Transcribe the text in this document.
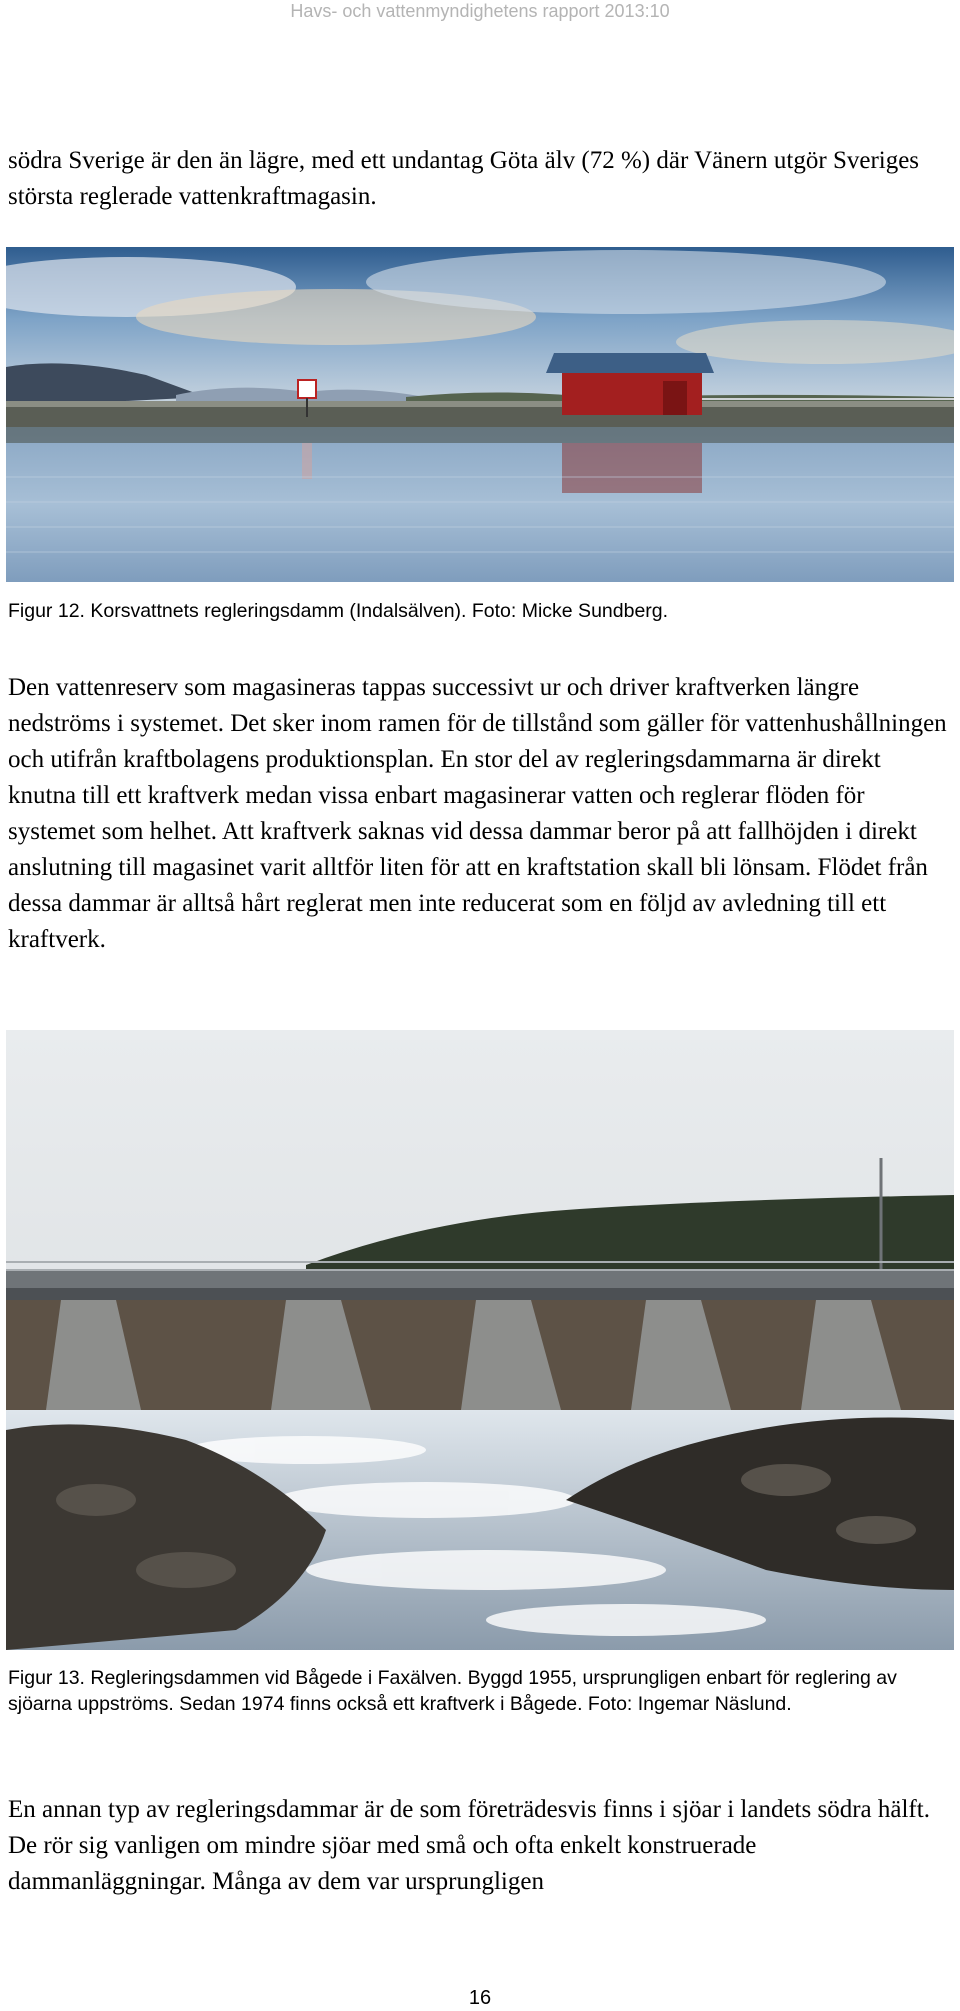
Havs- och vattenmyndighetens rapport 2013:10

södra Sverige är den än lägre, med ett undantag Göta älv (72 %) där Vänern utgör Sveriges största reglerade vattenkraftmagasin.

Figur 12. Korsvattnets regleringsdamm (Indalsälven). Foto: Micke Sundberg.

Den vattenreserv som magasineras tappas successivt ur och driver kraftverken längre nedströms i systemet. Det sker inom ramen för de tillstånd som gäller för vattenhushållningen och utifrån kraftbolagens produktionsplan. En stor del av regleringsdammarna är direkt knutna till ett kraftverk medan vissa enbart magasinerar vatten och reglerar flöden för systemet som helhet. Att kraftverk saknas vid dessa dammar beror på att fallhöjden i direkt anslutning till magasinet varit alltför liten för att en kraftstation skall bli lönsam. Flödet från dessa dammar är alltså hårt reglerat men inte reducerat som en följd av avledning till ett kraftverk.

Figur 13. Regleringsdammen vid Bågede i Faxälven. Byggd 1955, ursprungligen enbart för reglering av sjöarna uppströms. Sedan 1974 finns också ett kraftverk i Bågede. Foto: Ingemar Näslund.

En annan typ av regleringsdammar är de som företrädesvis finns i sjöar i landets södra hälft. De rör sig vanligen om mindre sjöar med små och ofta enkelt konstruerade dammanläggningar. Många av dem var ursprungligen

16
